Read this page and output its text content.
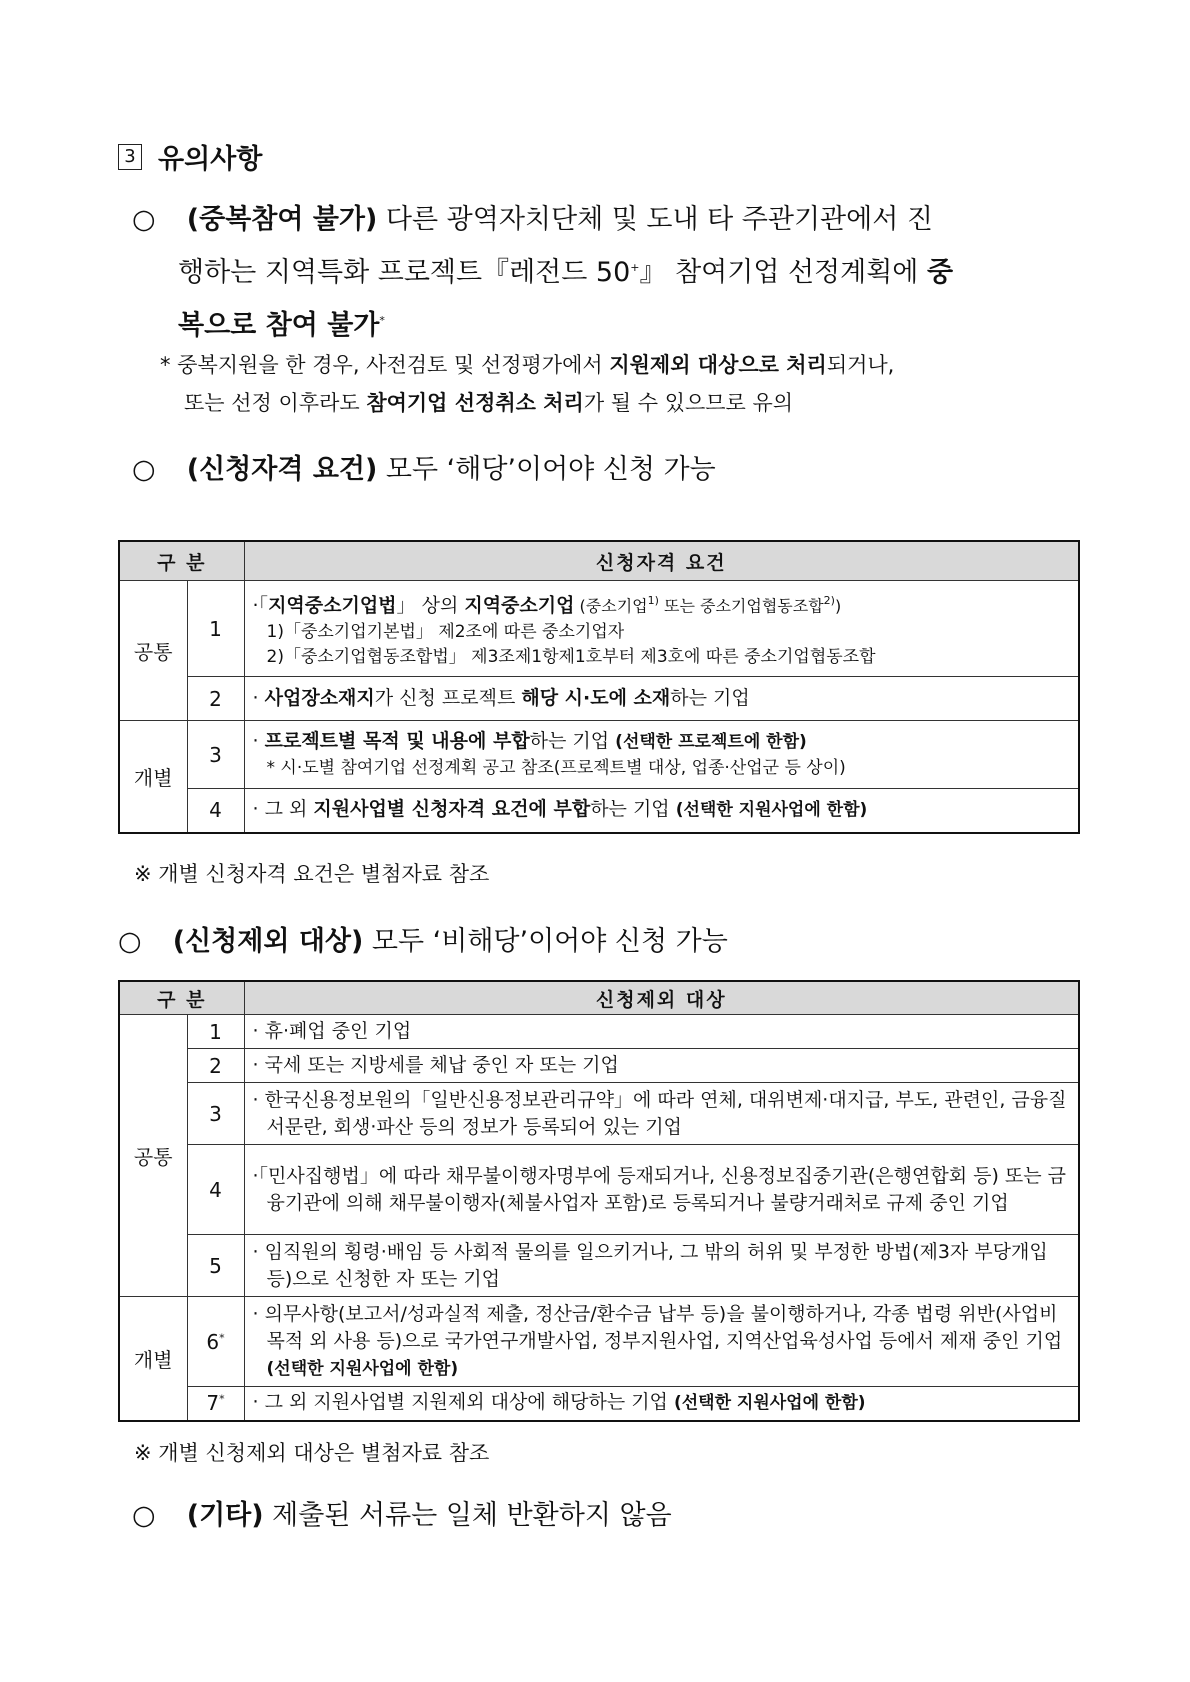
3 유의사항
○ (중복참여 불가) 다른 광역자치단체 및 도내 타 주관기관에서 진
행하는 지역특화 프로젝트『레전드 50+』 참여기업 선정계획에 중
복으로 참여 불가*
* 중복지원을 한 경우, 사전검토 및 선정평가에서 지원제외 대상으로 처리되거나,
또는 선정 이후라도 참여기업 선정취소 처리가 될 수 있으므로 유의
○ (신청자격 요건) 모두 ‘해당’이어야 신청 가능
구 분		신청자격 요건
공통	1	·「지역중소기업법」 상의 지역중소기업 (중소기업$^{1)}$ 또는 중소기업협동조합$^{2)}$)
1)「중소기업기본법」 제2조에 따른 중소기업자
2)「중소기업협동조합법」 제3조제1항제1호부터 제3호에 따른 중소기업협동조합

	2	· 사업장소재지가 신청 프로젝트 해당 시·도에 소재하는 기업

개별	3	· 프로젝트별 목적 및 내용에 부합하는 기업 (선택한 프로젝트에 한함)
* 시·도별 참여기업 선정계획 공고 참조(프로젝트별 대상, 업종·산업군 등 상이)

	4	· 그 외 지원사업별 신청자격 요건에 부합하는 기업 (선택한 지원사업에 한함)
※ 개별 신청자격 요건은 별첨자료 참조
○ (신청제외 대상) 모두 ‘비해당’이어야 신청 가능
구 분		신청제외 대상
공통	1	· 휴·폐업 중인 기업

	2	· 국세 또는 지방세를 체납 중인 자 또는 기업

	3	· 한국신용정보원의「일반신용정보관리규약」에 따라 연체, 대위변제·대지급, 부도, 관련인, 금융질서문란, 회생·파산 등의 정보가 등록되어 있는 기업

	4	·「민사집행법」에 따라 채무불이행자명부에 등재되거나, 신용정보집중기관(은행연합회 등) 또는 금융기관에 의해 채무불이행자(체불사업자 포함)로 등록되거나 불량거래처로 규제 중인 기업

	5	· 임직원의 횡령·배임 등 사회적 물의를 일으키거나, 그 밖의 허위 및 부정한 방법(제3자 부당개입 등)으로 신청한 자 또는 기업

개별	6*	· 의무사항(보고서/성과실적 제출, 정산금/환수금 납부 등)을 불이행하거나, 각종 법령 위반(사업비 목적 외 사용 등)으로 국가연구개발사업, 정부지원사업, 지역산업육성사업 등에서 제재 중인 기업 (선택한 지원사업에 한함)

	7*	· 그 외 지원사업별 지원제외 대상에 해당하는 기업 (선택한 지원사업에 한함)
※ 개별 신청제외 대상은 별첨자료 참조
○ (기타) 제출된 서류는 일체 반환하지 않음
